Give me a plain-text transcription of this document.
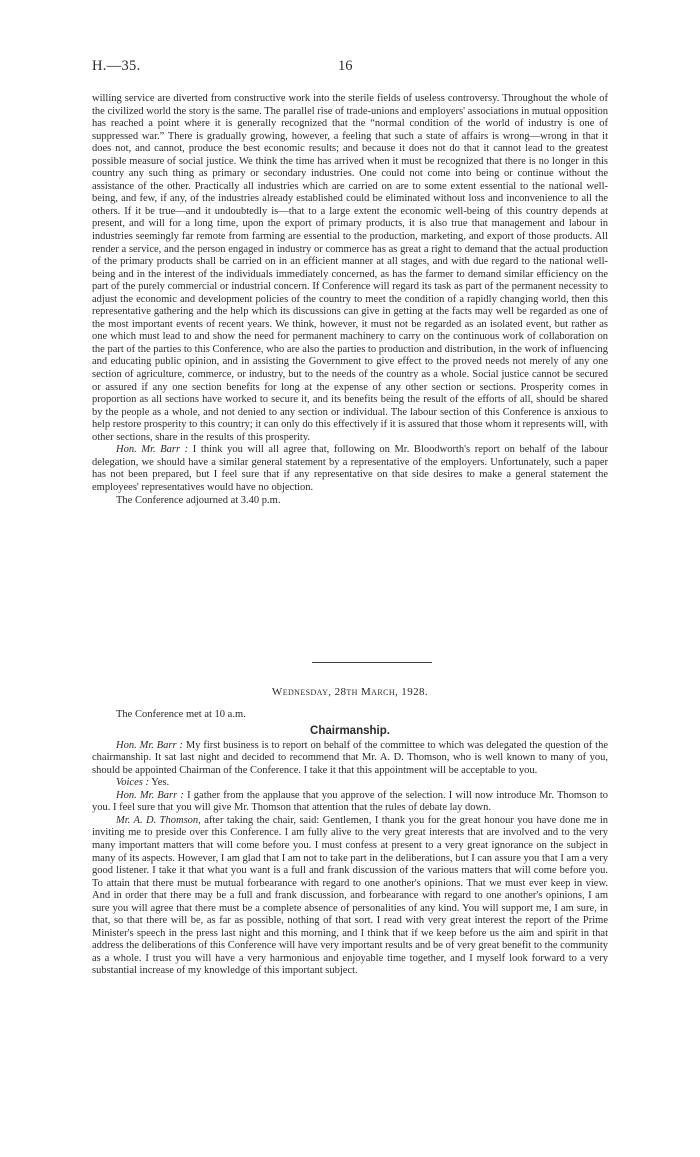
H.—35.	16

willing service are diverted from constructive work into the sterile fields of useless controversy. Throughout the whole of the civilized world the story is the same. The parallel rise of trade-unions and employers' associations in mutual opposition has reached a point where it is generally recognized that the “normal condition of the world of industry is one of suppressed war.” There is gradually growing, however, a feeling that such a state of affairs is wrong—wrong in that it does not, and cannot, produce the best economic results; and because it does not do that it cannot lead to the greatest possible measure of social justice. We think the time has arrived when it must be recognized that there is no longer in this country any such thing as primary or secondary industries. One could not come into being or continue without the assistance of the other. Practically all industries which are carried on are to some extent essential to the national well-being, and few, if any, of the industries already established could be eliminated without loss and inconvenience to all the others. If it be true—and it undoubtedly is—that to a large extent the economic well-being of this country depends at present, and will for a long time, upon the export of primary products, it is also true that management and labour in industries seemingly far remote from farming are essential to the production, marketing, and export of those products. All render a service, and the person engaged in industry or commerce has as great a right to demand that the actual production of the primary products shall be carried on in an efficient manner at all stages, and with due regard to the national well-being and in the interest of the individuals immediately concerned, as has the farmer to demand similar efficiency on the part of the purely commercial or industrial concern. If Conference will regard its task as part of the permanent necessity to adjust the economic and development policies of the country to meet the condition of a rapidly changing world, then this representative gathering and the help which its discussions can give in getting at the facts may well be regarded as one of the most important events of recent years. We think, however, it must not be regarded as an isolated event, but rather as one which must lead to and show the need for permanent machinery to carry on the continuous work of collaboration on the part of the parties to this Conference, who are also the parties to production and distribution, in the work of influencing and educating public opinion, and in assisting the Government to give effect to the proved needs not merely of any one section of agriculture, commerce, or industry, but to the needs of the country as a whole. Social justice cannot be secured or assured if any one section benefits for long at the expense of any other section or sections. Prosperity comes in proportion as all sections have worked to secure it, and its benefits being the result of the efforts of all, should be shared by the people as a whole, and not denied to any section or individual. The labour section of this Conference is anxious to help restore prosperity to this country; it can only do this effectively if it is assured that those whom it represents will, with other sections, share in the results of this prosperity.

Hon. Mr. Barr : I think you will all agree that, following on Mr. Bloodworth's report on behalf of the labour delegation, we should have a similar general statement by a representative of the employers. Unfortunately, such a paper has not been prepared, but I feel sure that if any representative on that side desires to make a general statement the employees' representatives would have no objection.

The Conference adjourned at 3.40 p.m.

Wednesday, 28th March, 1928.

The Conference met at 10 a.m.

Chairmanship.

Hon. Mr. Barr : My first business is to report on behalf of the committee to which was delegated the question of the chairmanship. It sat last night and decided to recommend that Mr. A. D. Thomson, who is well known to many of you, should be appointed Chairman of the Conference. I take it that this appointment will be acceptable to you.

Voices : Yes.

Hon. Mr. Barr : I gather from the applause that you approve of the selection. I will now introduce Mr. Thomson to you. I feel sure that you will give Mr. Thomson that attention that the rules of debate lay down.

Mr. A. D. Thomson, after taking the chair, said: Gentlemen, I thank you for the great honour you have done me in inviting me to preside over this Conference. I am fully alive to the very great interests that are involved and to the very many important matters that will come before you. I must confess at present to a very great ignorance on the subject in many of its aspects. However, I am glad that I am not to take part in the deliberations, but I can assure you that I am a very good listener. I take it that what you want is a full and frank discussion of the various matters that will come before you. To attain that there must be mutual forbearance with regard to one another's opinions. That we must ever keep in view. And in order that there may be a full and frank discussion, and forbearance with regard to one another's opinions, I am sure you will agree that there must be a complete absence of personalities of any kind. You will support me, I am sure, in that, so that there will be, as far as possible, nothing of that sort. I read with very great interest the report of the Prime Minister's speech in the press last night and this morning, and I think that if we keep before us the aim and spirit in that address the deliberations of this Conference will have very important results and be of very great benefit to the community as a whole. I trust you will have a very harmonious and enjoyable time together, and I myself look forward to a very substantial increase of my knowledge of this important subject.
